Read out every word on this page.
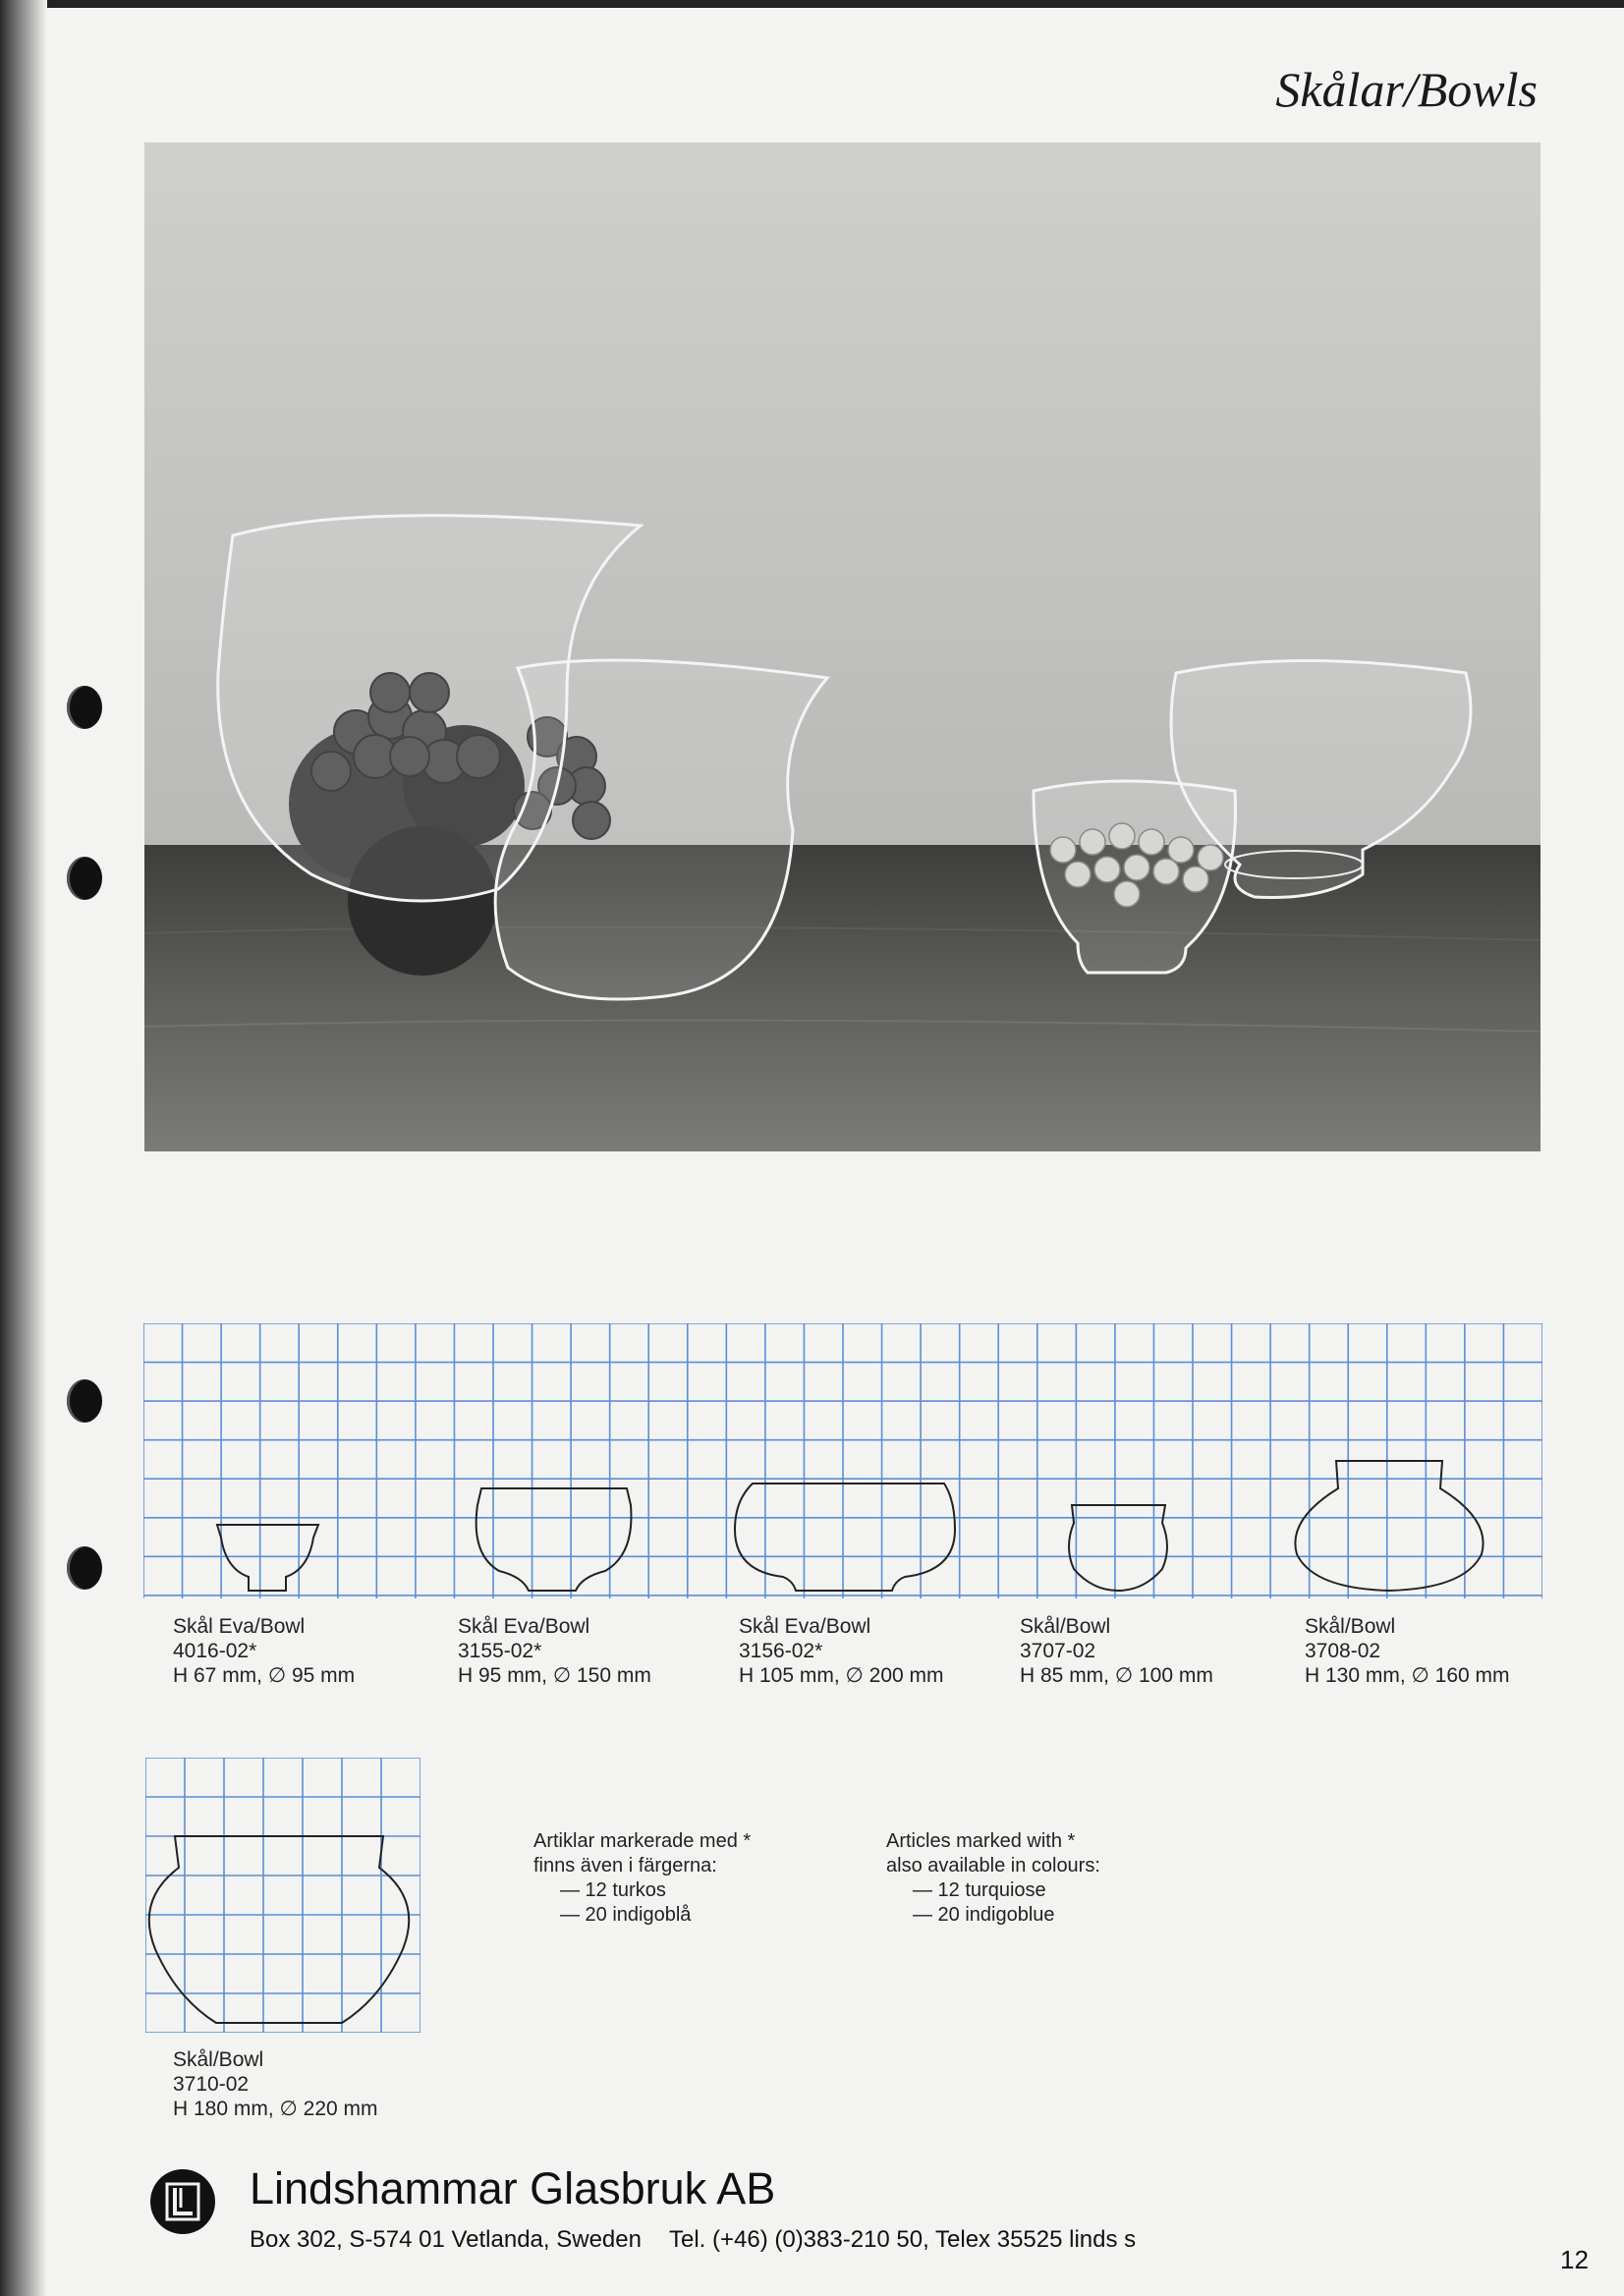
Skålar/Bowls
Skål Eva/Bowl
4016-02*
H 67 mm, ∅ 95 mm
Skål Eva/Bowl
3155-02*
H 95 mm, ∅ 150 mm
Skål Eva/Bowl
3156-02*
H 105 mm, ∅ 200 mm
Skål/Bowl
3707-02
H 85 mm, ∅ 100 mm
Skål/Bowl
3708-02
H 130 mm, ∅ 160 mm
Skål/Bowl
3710-02
H 180 mm, ∅ 220 mm
Artiklar markerade med *
finns även i färgerna:
— 12 turkos
— 20 indigoblå
Articles marked with *
also available in colours:
— 12 turquiose
— 20 indigoblue
Lindshammar Glasbruk AB
Box 302, S-574 01 Vetlanda, Sweden Tel. (+46) (0)383-210 50, Telex 35525 linds s
12
